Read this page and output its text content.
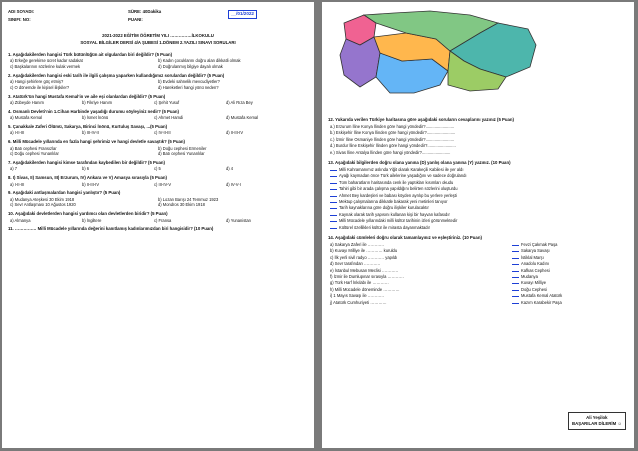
ADI SOYADI:
SINIFI: NO:
SÜRE: 40Dakika
PUANI:
__/01/2022
2021-2022 EĞİTİM ÖĞRETİM YILI ……………İLKOKULU
SOSYAL BİLGİLER DERSİ 4/A ŞUBESİ 1.DÖNEM 2.YAZILI SINAVI SORULARI
1. Aşağıdakilerden hangisi Türk bütünlüğün ait olgulardan biri değildir? (5 Puan)
a) Erkeğe gerekirse ücret kadar sadakat	b) Kadın çocuklarını doğru alan dikkatli olmak
c) Başkalarının sözlerine kulak vermek	d) Doğrulanmış bilgiye dayalı olmak
2. Aşağıdakilerden hangisi eski tarih ile ilgili çalışma yaparken kullandığımız sorulardan değildir? (5 Puan)
a) Hangi şehirlere göç etmiş?	b) Evdeki sahnelik mevcudiyetler?
c) O dönemde ile kişisel ilişkiler?	d) Hareketleri hangi yönü neden?
3. Atatürk’ün hangi Mustafa Kemal’in ve aile eşi olanlardan değildir? (5 Puan)
a) Zübeyde Hanım	b) Fikriye Hanım	c) Şehit Yusuf	d) Ali Rıza Bey
4. Osmanlı Devleti’nin 1.Cihan Harbinde yaşadığı durumu söyleyiniz nedir? (5 Puan)
a) Mustafa Kemal	b) İsmet İnönü	c) Ahmet Hamdi	d) Mustafa Kemal
5. Çanakkale Zaferi Ölümü, Sakarya, Birinci İnönü, Kurtuluş Savaşı, ...(5 Puan)
a) I-II-III	b) III-IV-II	c) IV-II-III	d) II-III-IV
6. Milli Mücadele yıllarında en fazla hangi şehrimiz ve hangi devletle savaştık? (5 Puan)
a) Batı cephesi Fransızlar	b) Doğu cephesi Ermeniler
c) Doğu cephesi Yunanlılar	d) Batı cephesi Yunanlılar
7. Aşağıdakilerden hangisi kimse tarafından kaybedilen bir değildir? (5 Puan)
a) 7	b) 6	c) 5	d) 4
8. I) Sivas, II) Samsun, III) Erzurum, IV) Ankara ve V) Amasya sırasıyla (5 Puan)
a) I-II-III	b) II-III-IV	c) III-IV-V	d) IV-V-I
9. Aşağıdaki antlaşmalardan hangisi yanlıştır? (5 Puan)
a) Mudanya Ateşkesi 30 Ekim 1918	b) Lozan Barışı 24 Temmuz 1923
c) Sevr Antlaşması 10 Ağustos 1920	d) Mondros 30 Ekim 1918
10. Aşağıdaki devletlerden hangisi yardımcı olan devletlerden biridir? (5 Puan)
a) Almanya	b) İngiltere	c) Fransa	d) Yunanistan
11. …………… Milli Mücadele yıllarında değerini kanıtlamış kadınlarımızdan biri hangisidir? (10 Puan)
12. Yukarıda verilen Türkiye haritasına göre aşağıdaki soruların cevaplarını yazınız (5 Puan)
a.) Erzurum İline Konya İlinden göre hangi yöndedir?.........................
b.) Eskişehir İline Konya İlinden göre hangi yöndedir?.........................
c.) İzmir İline Osmaniye İlinden göre hangi yöndedir?.........................
d.) Burdur İline Eskişehir İlinden göre hangi yöndedir?.........................
e.) Sivas İline Antalya İlinden göre hangi yöndedir?.........................
13. Aşağıdaki bilgilerden doğru olana yanına (D) yanlış olana yanına (Y) yazınız. (10 Puan)
Milli Kahramanımız aslında Yiğit olarak Karakeçili Kabilesi ile yer aldı
Ayağı kaymadan önce Türk ailelerine yaşadığını ve sadece doğrulandı
Tüm baharatların haritasında cenk ile yaptıkları kısımları okudu
Tahiri gibi bir arada çalışma yapıldığını belirten sözlerini oluşturdu
Ahmet Bey kardeşleri ve babası köyden ayrılıp bu yerlere yerleşti
Mektup çalışmalarına dikkatle bakarak yeni metinleri tanıyor
Tarih kaynaklarına göre doğru ilişkiler kurulacaktır
Kaynak olarak tarih yapısını kullanan kişi bir hayvan kafasıdır
Milli Mücadele yıllarındaki milli kültür tarihinin izleri görünmektedir
Kültürel özellikleri kültür ile mirasta dayanmaktadır
14. Aşağıdaki cümleleri doğru olarak tamamlayınız ve eşleştiriniz. (10 Puan)
a) Sakarya Zaferi ile …………	Fevzi Çakmak Paşa
b) Kuvayı Milliye ile ………… kuruldu	Sakarya Savaşı
c) İlk yerli sivil radyo ………… yapıldı	İstiklal Marşı
d) Sevr tarafından …………	Anadolu Kadını
e) İstanbul Mebusan Meclisi …………	Kafkas Cephesi
f) İzmir ile Dumlupınar sırasıyla …………	Mudanya
g) Türk Harf İnkılabı ile …………	Kuvayı Milliye
h) Milli Mücadele döneminde …………	Doğu Cephesi
i) 1 Mayıs Savaşı ile …………	Mustafa Kemal Atatürk
j) Atatürk Cumhuriyeti …………	Kazım Karabekir Paşa
Ali Yeşilok
BAŞARILAR DİLERİM ☺
